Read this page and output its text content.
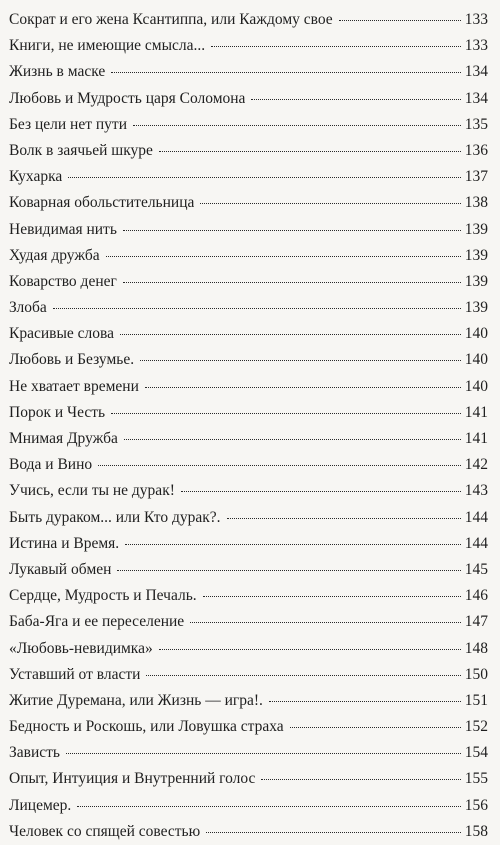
Сократ и его жена Ксантиппа, или Каждому свое	133
Книги, не имеющие смысла...	133
Жизнь в маске	134
Любовь и Мудрость царя Соломона	134
Без цели нет пути	135
Волк в заячьей шкуре	136
Кухарка	137
Коварная обольстительница	138
Невидимая нить	139
Худая дружба	139
Коварство денег	139
Злоба	139
Красивые слова	140
Любовь и Безумье.	140
Не хватает времени	140
Порок и Честь	141
Мнимая Дружба	141
Вода и Вино	142
Учись, если ты не дурак!	143
Быть дураком... или Кто дурак?.	144
Истина и Время.	144
Лукавый обмен	145
Сердце, Мудрость и Печаль.	146
Баба-Яга и ее переселение	147
«Любовь-невидимка»	148
Уставший от власти	150
Житие Дуремана, или Жизнь — игра!.	151
Бедность и Роскошь, или Ловушка страха	152
Зависть	154
Опыт, Интуиция и Внутренний голос	155
Лицемер.	156
Человек со спящей совестью	158
